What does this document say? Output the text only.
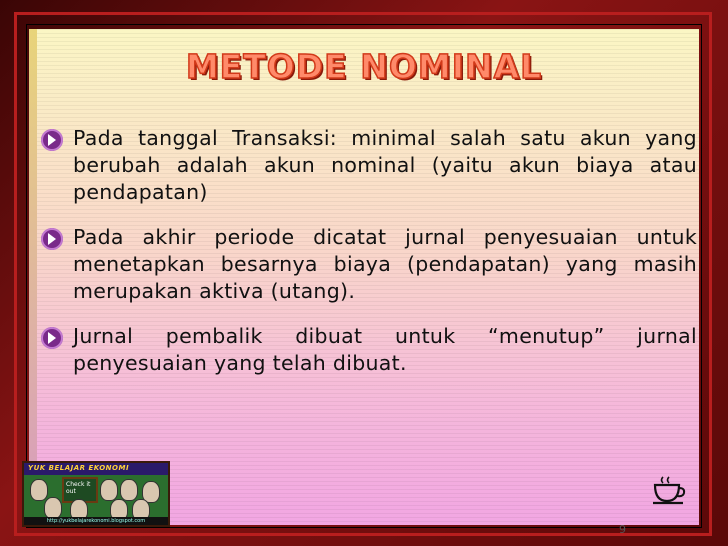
METODE NOMINAL

Pada tanggal Transaksi: minimal salah satu akun yang berubah adalah akun nominal (yaitu akun biaya atau pendapatan)

Pada akhir periode dicatat jurnal penyesuaian untuk menetapkan besarnya biaya (pendapatan) yang masih merupakan aktiva (utang).

Jurnal pembalik dibuat untuk “menutup” jurnal penyesuaian yang telah dibuat.

YUK BELAJAR EKONOMI
Check it out
http://yukbelajarekonomi.blogspot.com
9
